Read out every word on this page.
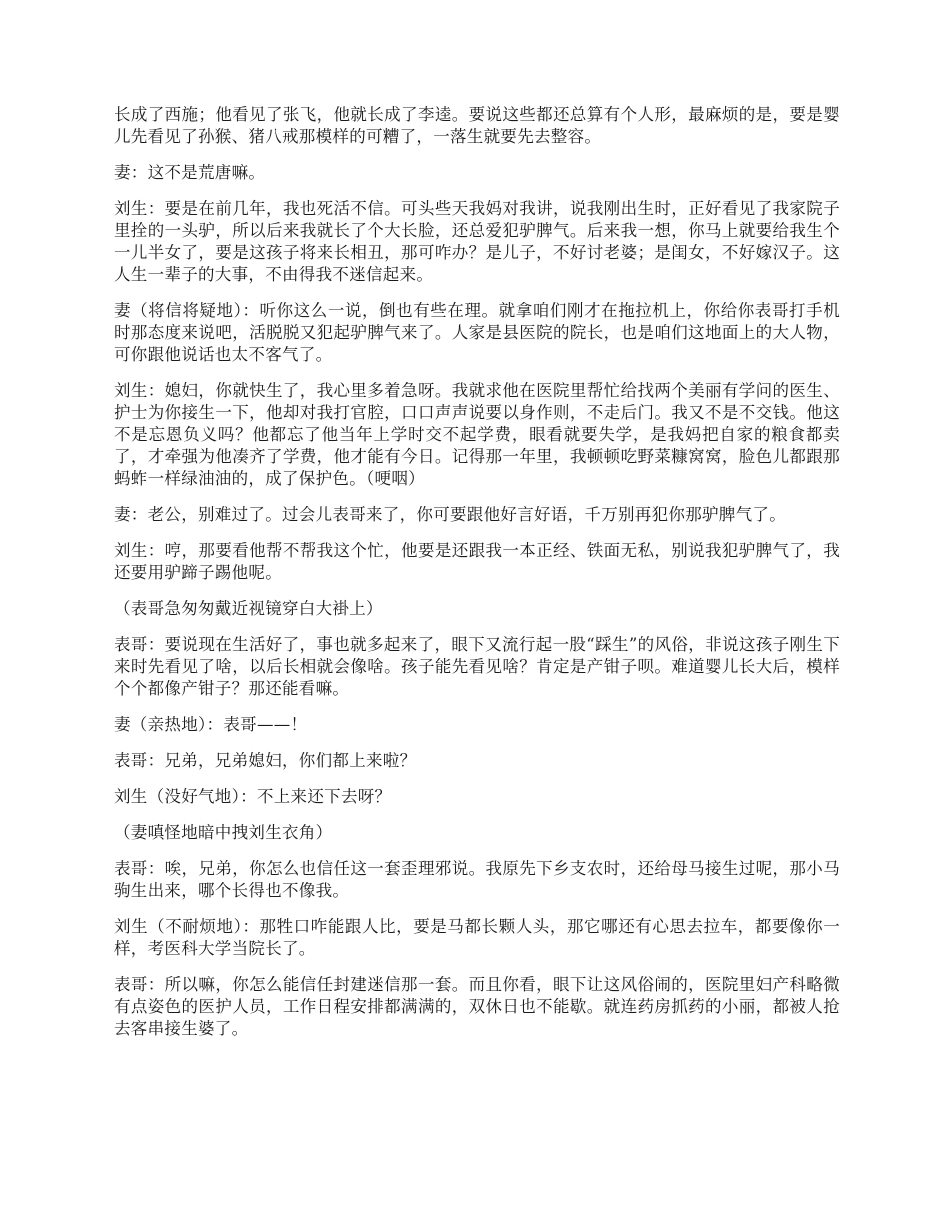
长成了西施；他看见了张飞，他就长成了李逵。要说这些都还总算有个人形，最麻烦的是，要是婴儿先看见了孙猴、猪八戒那模样的可糟了，一落生就要先去整容。

妻：这不是荒唐嘛。

刘生：要是在前几年，我也死活不信。可头些天我妈对我讲，说我刚出生时，正好看见了我家院子里拴的一头驴，所以后来我就长了个大长脸，还总爱犯驴脾气。后来我一想，你马上就要给我生个一儿半女了，要是这孩子将来长相丑，那可咋办？是儿子，不好讨老婆；是闺女，不好嫁汉子。这人生一辈子的大事，不由得我不迷信起来。

妻（将信将疑地）：听你这么一说，倒也有些在理。就拿咱们刚才在拖拉机上，你给你表哥打手机时那态度来说吧，活脱脱又犯起驴脾气来了。人家是县医院的院长，也是咱们这地面上的大人物，可你跟他说话也太不客气了。

刘生：媳妇，你就快生了，我心里多着急呀。我就求他在医院里帮忙给找两个美丽有学问的医生、护士为你接生一下，他却对我打官腔，口口声声说要以身作则，不走后门。我又不是不交钱。他这不是忘恩负义吗？他都忘了他当年上学时交不起学费，眼看就要失学，是我妈把自家的粮食都卖了，才牵强为他凑齐了学费，他才能有今日。记得那一年里，我顿顿吃野菜糠窝窝，脸色儿都跟那蚂蚱一样绿油油的，成了保护色。（哽咽）

妻：老公，别难过了。过会儿表哥来了，你可要跟他好言好语，千万别再犯你那驴脾气了。

刘生：哼，那要看他帮不帮我这个忙，他要是还跟我一本正经、铁面无私，别说我犯驴脾气了，我还要用驴蹄子踢他呢。

（表哥急匆匆戴近视镜穿白大褂上）

表哥：要说现在生活好了，事也就多起来了，眼下又流行起一股“踩生”的风俗，非说这孩子刚生下来时先看见了啥，以后长相就会像啥。孩子能先看见啥？肯定是产钳子呗。难道婴儿长大后，模样个个都像产钳子？那还能看嘛。

妻（亲热地）：表哥——！

表哥：兄弟，兄弟媳妇，你们都上来啦？

刘生（没好气地）：不上来还下去呀？

（妻嗔怪地暗中拽刘生衣角）

表哥：唉，兄弟，你怎么也信任这一套歪理邪说。我原先下乡支农时，还给母马接生过呢，那小马驹生出来，哪个长得也不像我。

刘生（不耐烦地）：那牲口咋能跟人比，要是马都长颗人头，那它哪还有心思去拉车，都要像你一样，考医科大学当院长了。

表哥：所以嘛，你怎么能信任封建迷信那一套。而且你看，眼下让这风俗闹的，医院里妇产科略微有点姿色的医护人员，工作日程安排都满满的，双休日也不能歇。就连药房抓药的小丽，都被人抢去客串接生婆了。
